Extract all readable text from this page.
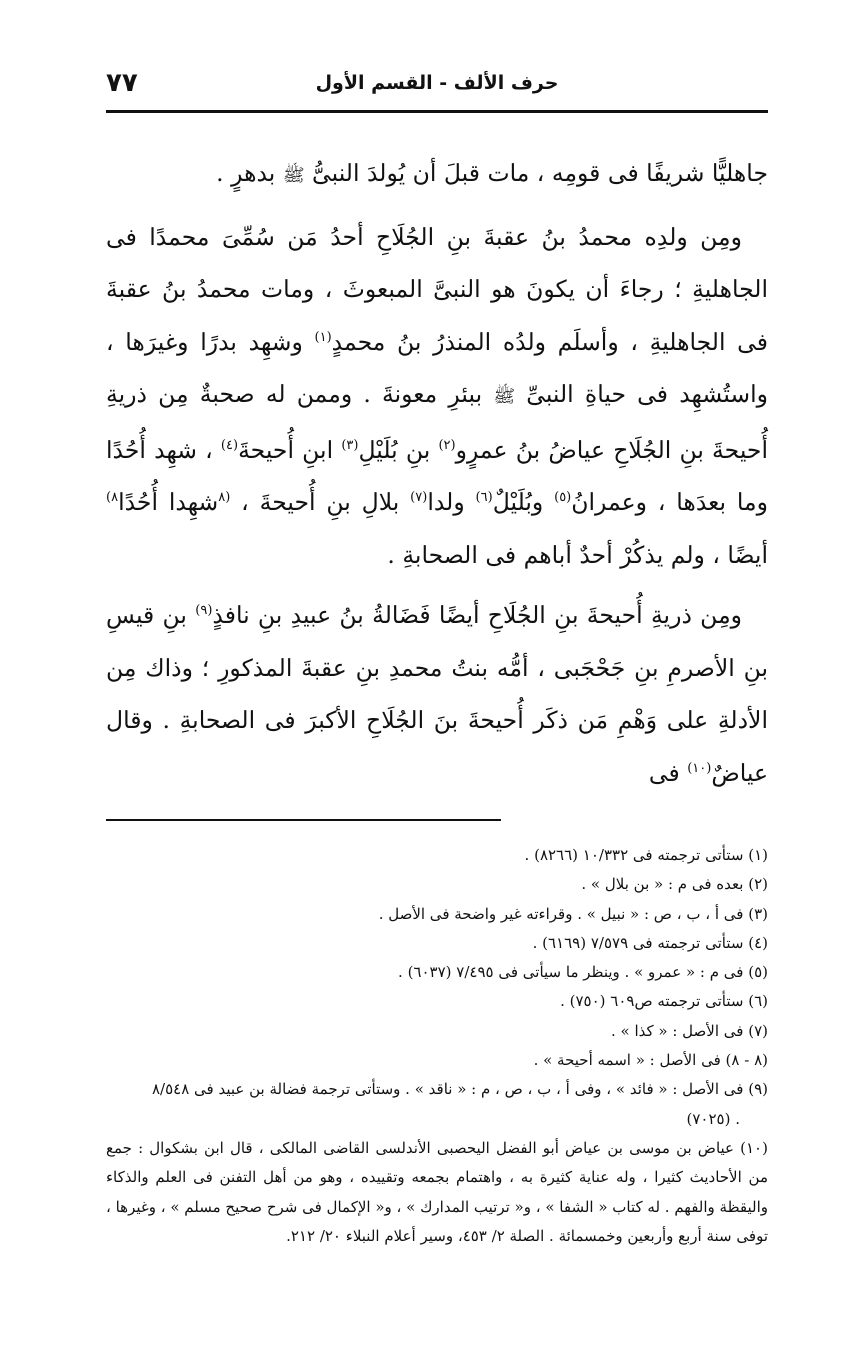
حرف الألف - القسم الأول
٧٧

جاهليًّا شريفًا فى قومِه ، مات قبلَ أن يُولدَ النبىُّ ﷺ بدهرٍ .

ومِن ولدِه محمدُ بنُ عقبةَ بنِ الجُلَاحِ أحدُ مَن سُمِّىَ محمدًا فى الجاهليةِ ؛ رجاءَ أن يكونَ هو النبىَّ المبعوثَ ، ومات محمدُ بنُ عقبةَ فى الجاهليةِ ، وأسلَم ولدُه المنذرُ بنُ محمدٍ$^{(١)}$ وشهِد بدرًا وغيرَها ، واستُشهِد فى حياةِ النبىِّ ﷺ ببئرِ معونةَ . وممن له صحبةٌ مِن ذريةِ أُحيحةَ بنِ الجُلَاحِ عياضُ بنُ عمرٍو$^{(٢)}$ بنِ بُلَيْلِ$^{(٣)}$ ابنِ أُحيحةَ$^{(٤)}$ ، شهِد أُحُدًا وما بعدَها ، وعمرانُ$^{(٥)}$ وبُلَيْلٌ$^{(٦)}$ ولدا$^{(٧)}$ بلالِ بنِ أُحيحةَ ، $^{(٨}$شهِدا أُحُدًا$^{٨)}$ أيضًا ، ولم يذكُرْ أحدٌ أباهم فى الصحابةِ .

ومِن ذريةِ أُحيحةَ بنِ الجُلَاحِ أيضًا فَضَالةُ بنُ عبيدِ بنِ نافذٍ$^{(٩)}$ بنِ قيسِ بنِ الأصرمِ بنِ جَحْجَبى ، أمُّه بنتُ محمدِ بنِ عقبةَ المذكورِ ؛ وذاك مِن الأدلةِ على وَهْمِ مَن ذكَر أُحيحةَ بنَ الجُلَاحِ الأكبرَ فى الصحابةِ . وقال عياضٌ$^{(١٠)}$ فى

(١) ستأتى ترجمته فى ١٠/٣٣٢ (٨٢٦٦) .
(٢) بعده فى م : « بن بلال » .
(٣) فى أ ، ب ، ص : « نبيل » . وقراءته غير واضحة فى الأصل .
(٤) ستأتى ترجمته فى ٧/٥٧٩ (٦١٦٩) .
(٥) فى م : « عمرو » . وينظر ما سيأتى فى ٧/٤٩٥ (٦٠٣٧) .
(٦) ستأتى ترجمته ص٦٠٩ (٧٥٠) .
(٧) فى الأصل : « كذا » .
(٨ - ٨) فى الأصل : « اسمه أحيحة » .
(٩) فى الأصل : « فائد » ، وفى أ ، ب ، ص ، م : « ناقد » . وستأتى ترجمة فضالة بن عبيد فى ٨/٥٤٨
. (٧٠٢٥)
(١٠) عياض بن موسى بن عياض أبو الفضل اليحصبى الأندلسى القاضى المالكى ، قال ابن بشكوال : جمع من الأحاديث كثيرا ، وله عناية كثيرة به ، واهتمام بجمعه وتقييده ، وهو من أهل التفنن فى العلم والذكاء واليقظة والفهم . له كتاب « الشفا » ، و« ترتيب المدارك » ، و« الإكمال فى شرح صحيح مسلم » ، وغيرها ، توفى سنة أربع وأربعين وخمسمائة . الصلة ٢/ ٤٥٣، وسير أعلام النبلاء ٢٠/ ٢١٢.
